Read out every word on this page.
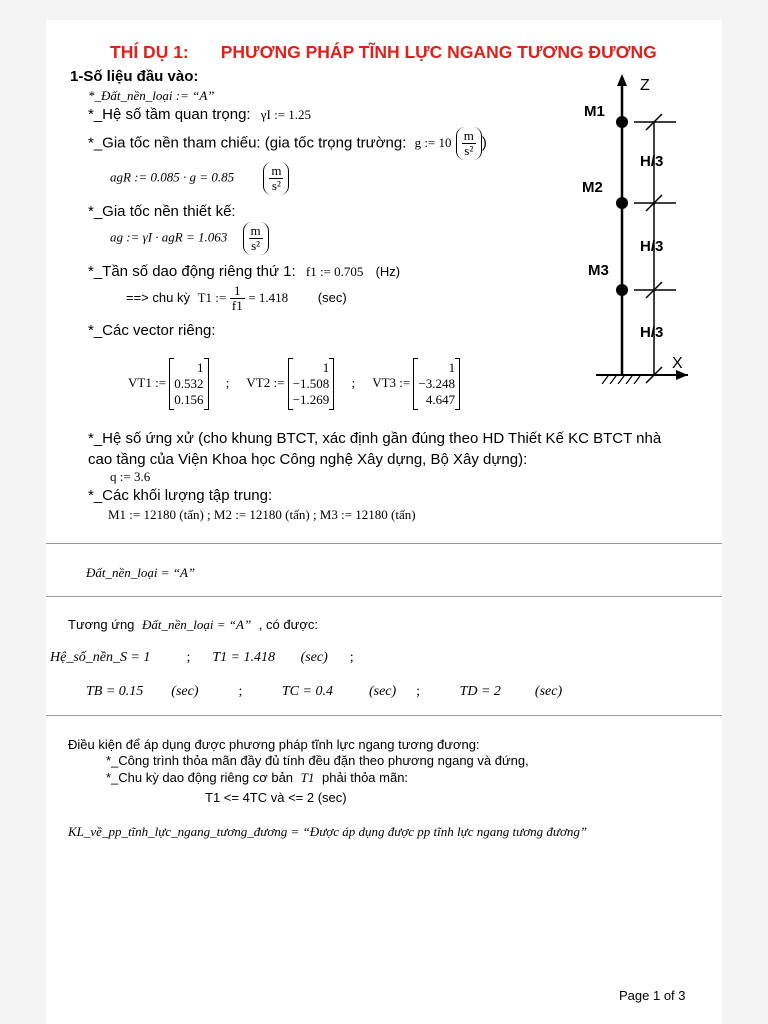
THÍ DỤ 1: PHƯƠNG PHÁP TĨNH LỰC NGANG TƯƠNG ĐƯƠNG
1-Số liệu đầu vào:
*_Đất_nền_loại := “A”
*_Hệ số tầm quan trọng: γI := 1.25
*_Gia tốc nền tham chiếu: (gia tốc trọng trường: g := $10 \frac{m}{\text{s²}}$ )
agR := 0.085 · g = 0.85	$\frac{m}{\text{s²}}$
*_Gia tốc nền thiết kế:
ag := γI · agR = $1.063 \frac{m}{\text{s²}}$
*_Tần số dao động riêng thứ 1: f1 := 0.705 (Hz)
==> chu kỳ T1 := $\frac{1}{f1} = 1.418$ (sec)
*_Các vector riêng:
VT1 := 1
0.532
0.156 ; VT2 := 1
−1.508
−1.269 ; VT3 := 1
−3.248
4.647
*_Hệ số ứng xử (cho khung BTCT, xác định gần đúng theo HD Thiết Kế KC BTCT nhà
cao tầng của Viện Khoa học Công nghệ Xây dựng, Bộ Xây dựng):
q := 3.6
*_Các khối lượng tập trung:
M1 := 12180 (tấn) ; M2 := 12180 (tấn) ; M3 := 12180 (tấn)
Z
X
M1
M2
M3
H/3
H/3
H/3
Đất_nền_loại = “A”
Tương ứng Đất_nền_loại = “A” , có được:
Hệ_số_nền_S = 1	; T1 = 1.418 (sec) ;
TB = 0.15 (sec)	;	TC = 0.4	(sec) ;	TD = 2 (sec)
Điều kiện để áp dụng được phương pháp tĩnh lực ngang tương đương:
*_Công trình thỏa mãn đầy đủ tính đều đặn theo phương ngang và đứng,
*_Chu kỳ dao động riêng cơ bản T1 phải thỏa mãn:
T1 <= 4TC và <= 2 (sec)
KL_về_pp_tĩnh_lực_ngang_tương_đương = “Được áp dụng được pp tĩnh lực ngang tương đương”
Page 1 of 3
